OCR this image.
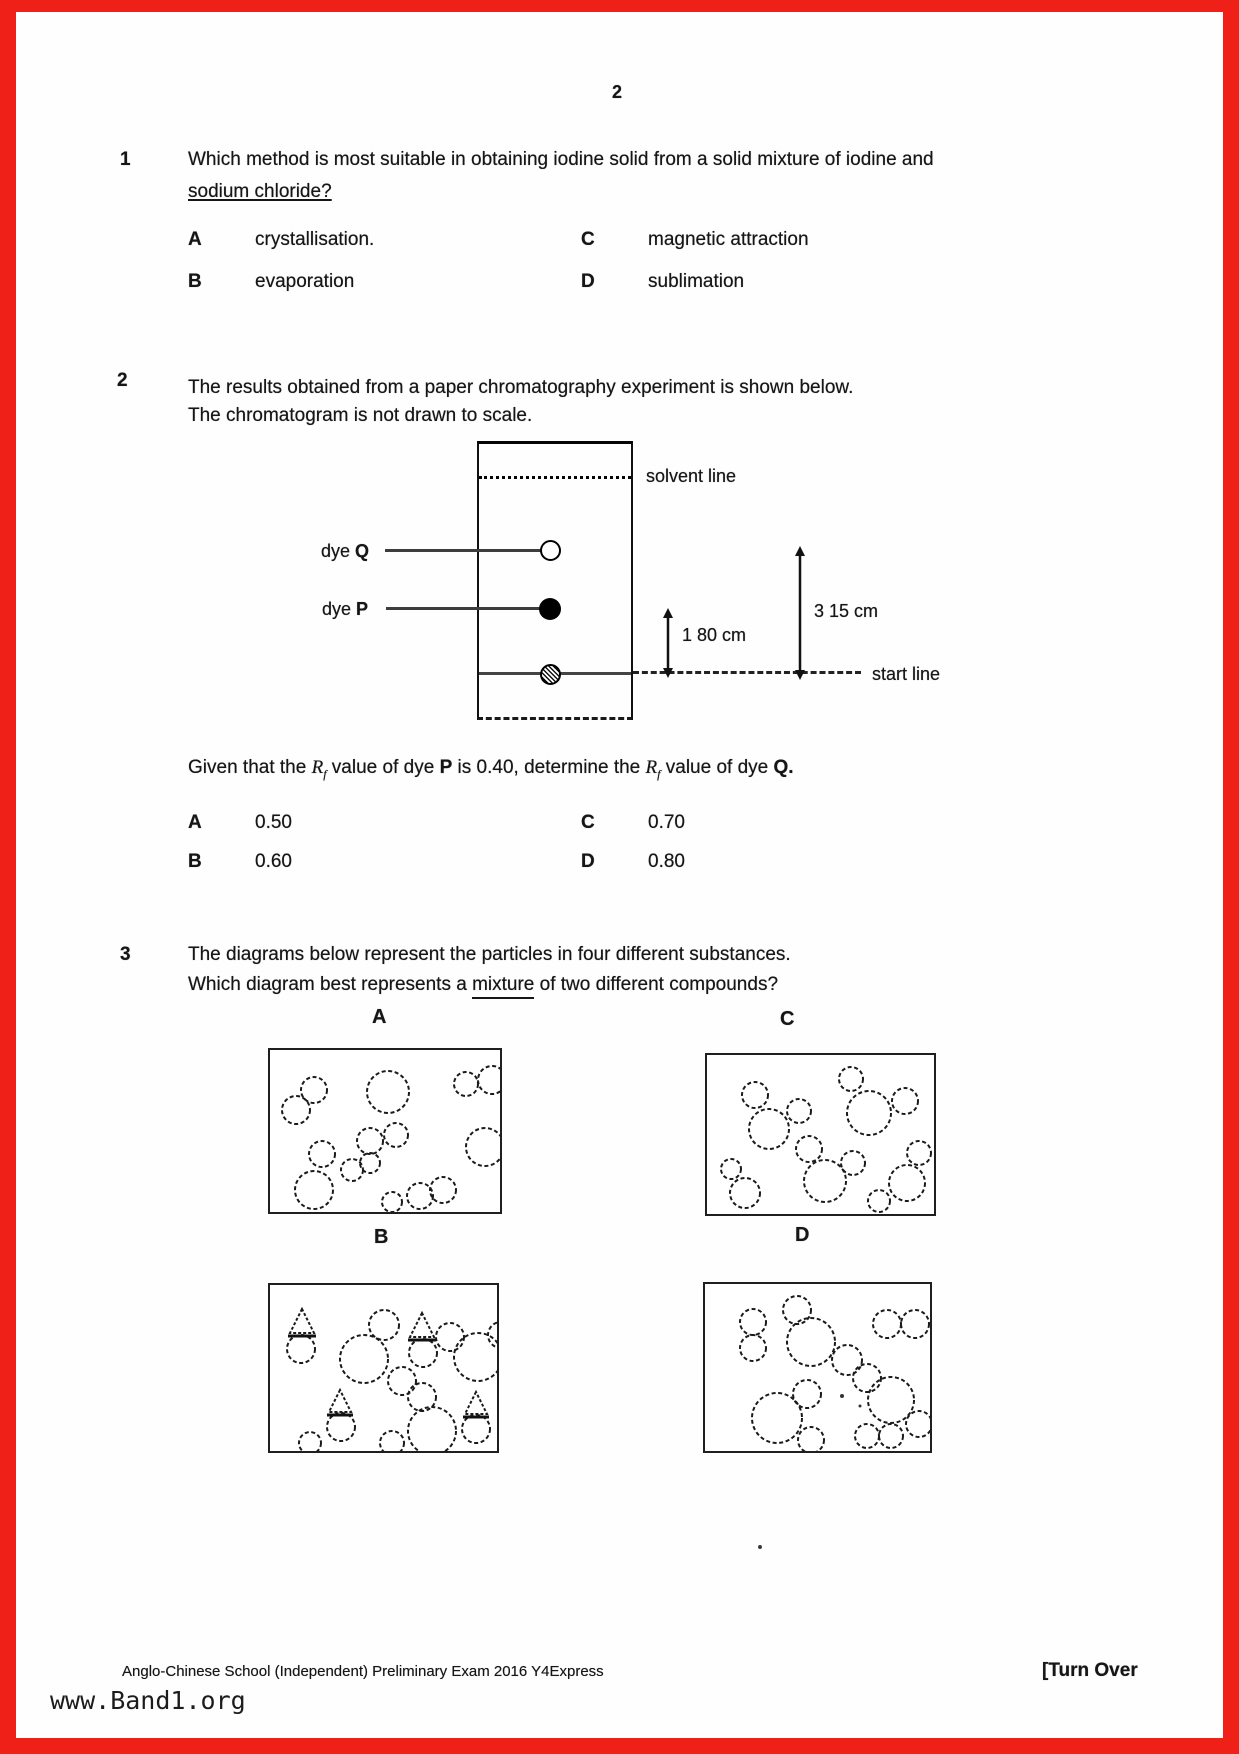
2
1	Which method is most suitable in obtaining iodine solid from a solid mixture of iodine and
sodium chloride?
A	crystallisation.	C	magnetic attraction
B	evaporation	D	sublimation
2	The results obtained from a paper chromatography experiment is shown below.
The chromatogram is not drawn to scale.
solvent line
dye Q
dye P
start line
1 80 cm
3 15 cm
Given that the $R_f$ value of dye P is 0.40, determine the $R_f$ value of dye Q.
A	0.50	C	0.70
B	0.60	D	0.80
3	The diagrams below represent the particles in four different substances.
Which diagram best represents a mixture of two different compounds?
A	C
B	D
Anglo-Chinese School (Independent) Preliminary Exam 2016 Y4Express	[Turn Over
www.Band1.org
